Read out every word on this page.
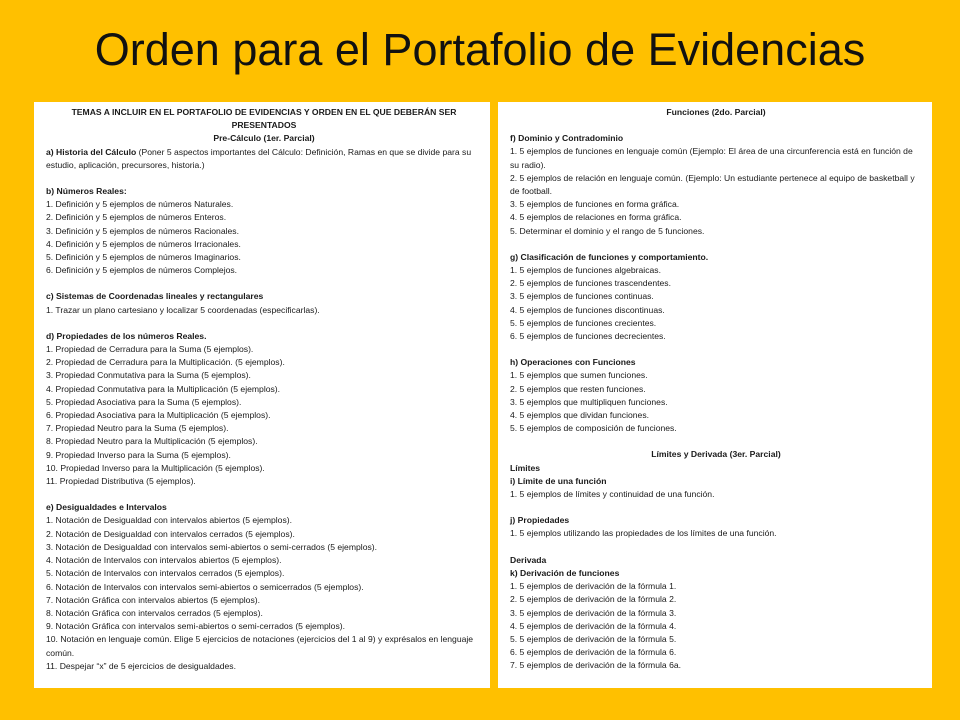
Orden para el Portafolio de Evidencias
TEMAS A INCLUIR EN EL PORTAFOLIO DE EVIDENCIAS Y ORDEN EN EL QUE DEBERÁN SER PRESENTADOS
Pre-Cálculo (1er. Parcial)
a) Historia del Cálculo (Poner 5 aspectos importantes del Cálculo: Definición, Ramas en que se divide para su estudio, aplicación, precursores, historia.)
b) Números Reales:
1. Definición y 5 ejemplos de números Naturales.
2. Definición y 5 ejemplos de números Enteros.
3. Definición y 5 ejemplos de números Racionales.
4. Definición y 5 ejemplos de números Irracionales.
5. Definición y 5 ejemplos de números Imaginarios.
6. Definición y 5 ejemplos de números Complejos.
c) Sistemas de Coordenadas lineales y rectangulares
1. Trazar un plano cartesiano y localizar 5 coordenadas (especificarlas).
d) Propiedades de los números Reales.
1. Propiedad de Cerradura para la Suma (5 ejemplos).
2. Propiedad de Cerradura para la Multiplicación. (5 ejemplos).
3. Propiedad Conmutativa para la Suma (5 ejemplos).
4. Propiedad Conmutativa para la Multiplicación (5 ejemplos).
5. Propiedad Asociativa para la Suma (5 ejemplos).
6. Propiedad Asociativa para la Multiplicación (5 ejemplos).
7. Propiedad Neutro para la Suma (5 ejemplos).
8. Propiedad Neutro para la Multiplicación (5 ejemplos).
9. Propiedad Inverso para la Suma (5 ejemplos).
10. Propiedad Inverso para la Multiplicación (5 ejemplos).
11. Propiedad Distributiva (5 ejemplos).
e) Desigualdades e Intervalos
1. Notación de Desigualdad con intervalos abiertos (5 ejemplos).
2. Notación de Desigualdad con intervalos cerrados (5 ejemplos).
3. Notación de Desigualdad con intervalos semi-abiertos o semi-cerrados (5 ejemplos).
4. Notación de Intervalos con intervalos abiertos (5 ejemplos).
5. Notación de Intervalos con intervalos cerrados (5 ejemplos).
6. Notación de Intervalos con intervalos semi-abiertos o semicerrados (5 ejemplos).
7. Notación Gráfica con intervalos abiertos (5 ejemplos).
8. Notación Gráfica con intervalos cerrados (5 ejemplos).
9. Notación Gráfica con intervalos semi-abiertos o semi-cerrados (5 ejemplos).
10. Notación en lenguaje común. Elige 5 ejercicios de notaciones (ejercicios del 1 al 9) y exprésalos en lenguaje común.
11. Despejar “x” de 5 ejercicios de desigualdades.
Funciones (2do. Parcial)
f) Dominio y Contradominio
1. 5 ejemplos de funciones en lenguaje común (Ejemplo: El área de una circunferencia está en función de su radio).
2. 5 ejemplos de relación en lenguaje común. (Ejemplo: Un estudiante pertenece al equipo de basketball y de football.
3. 5 ejemplos de funciones en forma gráfica.
4. 5 ejemplos de relaciones en forma gráfica.
5. Determinar el dominio y el rango de 5 funciones.
g) Clasificación de funciones y comportamiento.
1. 5 ejemplos de funciones algebraicas.
2. 5 ejemplos de funciones trascendentes.
3. 5 ejemplos de funciones continuas.
4. 5 ejemplos de funciones discontinuas.
5. 5 ejemplos de funciones crecientes.
6. 5 ejemplos de funciones decrecientes.
h) Operaciones con Funciones
1. 5 ejemplos que sumen funciones.
2. 5 ejemplos que resten funciones.
3. 5 ejemplos que multipliquen funciones.
4. 5 ejemplos que dividan funciones.
5. 5 ejemplos de composición de funciones.
Límites y Derivada (3er. Parcial)
Límites
i) Límite de una función
1. 5 ejemplos de límites y continuidad de una función.
j) Propiedades
1. 5 ejemplos utilizando las propiedades de los límites de una función.
Derivada
k) Derivación de funciones
1. 5 ejemplos de derivación de la fórmula 1.
2. 5 ejemplos de derivación de la fórmula 2.
3. 5 ejemplos de derivación de la fórmula 3.
4. 5 ejemplos de derivación de la fórmula 4.
5. 5 ejemplos de derivación de la fórmula 5.
6. 5 ejemplos de derivación de la fórmula 6.
7. 5 ejemplos de derivación de la fórmula 6a.
